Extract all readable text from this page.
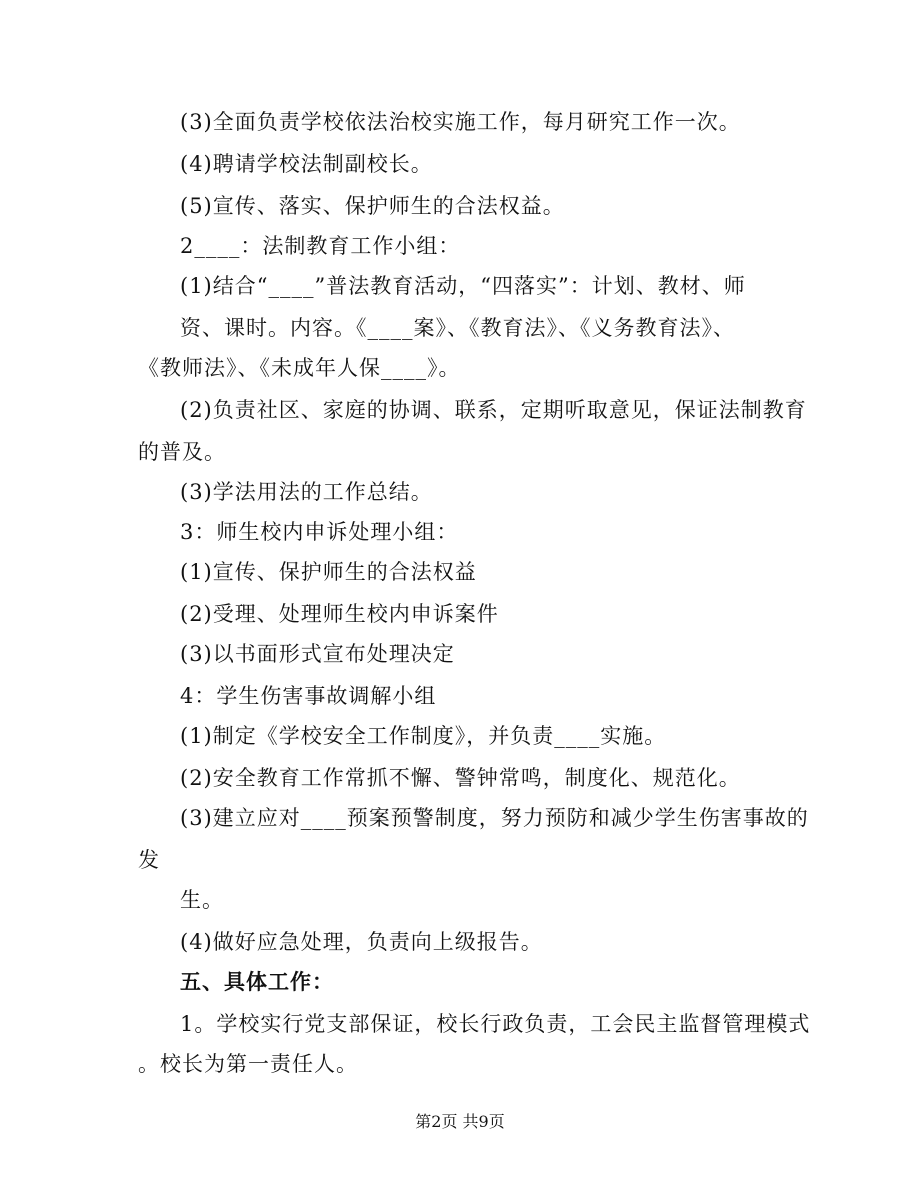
(3)全面负责学校依法治校实施工作，每月研究工作一次。
(4)聘请学校法制副校长。
(5)宣传、落实、保护师生的合法权益。
2____：法制教育工作小组：
(1)结合“____”普法教育活动，“四落实”：计划、教材、师
资、课时。内容。《____案》、《教育法》、《义务教育法》、
《教师法》、《未成年人保____》。
(2)负责社区、家庭的协调、联系，定期听取意见，保证法制教育
的普及。
(3)学法用法的工作总结。
3：师生校内申诉处理小组：
(1)宣传、保护师生的合法权益
(2)受理、处理师生校内申诉案件
(3)以书面形式宣布处理决定
4：学生伤害事故调解小组
(1)制定《学校安全工作制度》，并负责____实施。
(2)安全教育工作常抓不懈、警钟常鸣，制度化、规范化。
(3)建立应对____预案预警制度，努力预防和减少学生伤害事故的
发
生。
(4)做好应急处理，负责向上级报告。
五、具体工作：
1。学校实行党支部保证，校长行政负责，工会民主监督管理模式
。校长为第一责任人。
第2页 共9页
